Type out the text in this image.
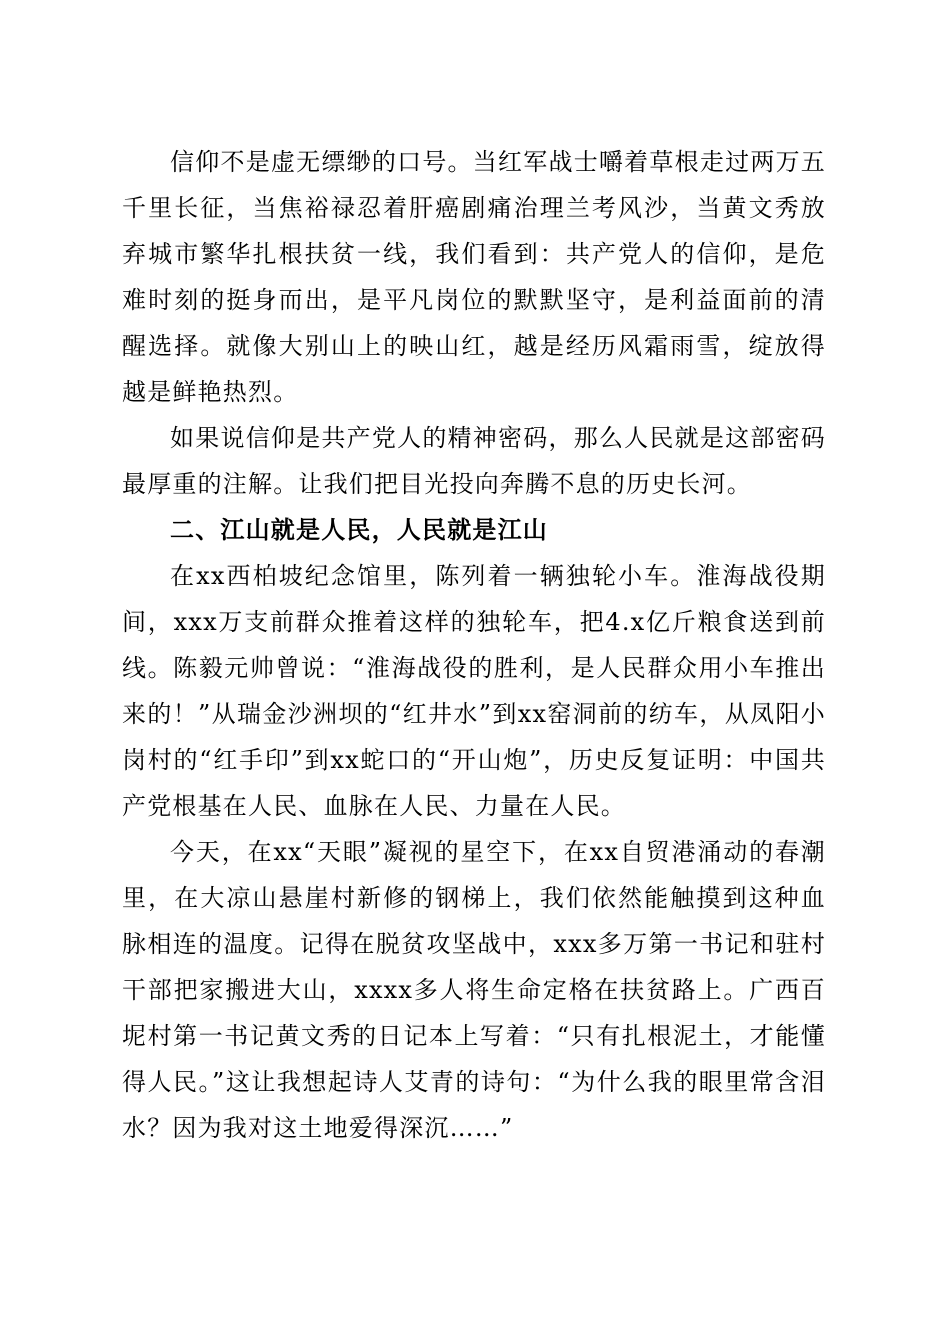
信仰不是虚无缥缈的口号。当红军战士嚼着草根走过两万五千里长征，当焦裕禄忍着肝癌剧痛治理兰考风沙，当黄文秀放弃城市繁华扎根扶贫一线，我们看到：共产党人的信仰，是危难时刻的挺身而出，是平凡岗位的默默坚守，是利益面前的清醒选择。就像大别山上的映山红，越是经历风霜雨雪，绽放得越是鲜艳热烈。

如果说信仰是共产党人的精神密码，那么人民就是这部密码最厚重的注解。让我们把目光投向奔腾不息的历史长河。

二、江山就是人民，人民就是江山

在xx西柏坡纪念馆里，陈列着一辆独轮小车。淮海战役期间，xxx万支前群众推着这样的独轮车，把4.x亿斤粮食送到前线。陈毅元帅曾说：“淮海战役的胜利，是人民群众用小车推出来的！”从瑞金沙洲坝的“红井水”到xx窑洞前的纺车，从凤阳小岗村的“红手印”到xx蛇口的“开山炮”，历史反复证明：中国共产党根基在人民、血脉在人民、力量在人民。

今天，在xx“天眼”凝视的星空下，在xx自贸港涌动的春潮里，在大凉山悬崖村新修的钢梯上，我们依然能触摸到这种血脉相连的温度。记得在脱贫攻坚战中，xxx多万第一书记和驻村干部把家搬进大山，xxxx多人将生命定格在扶贫路上。广西百坭村第一书记黄文秀的日记本上写着：“只有扎根泥土，才能懂得人民。”这让我想起诗人艾青的诗句：“为什么我的眼里常含泪水？因为我对这土地爱得深沉……”
